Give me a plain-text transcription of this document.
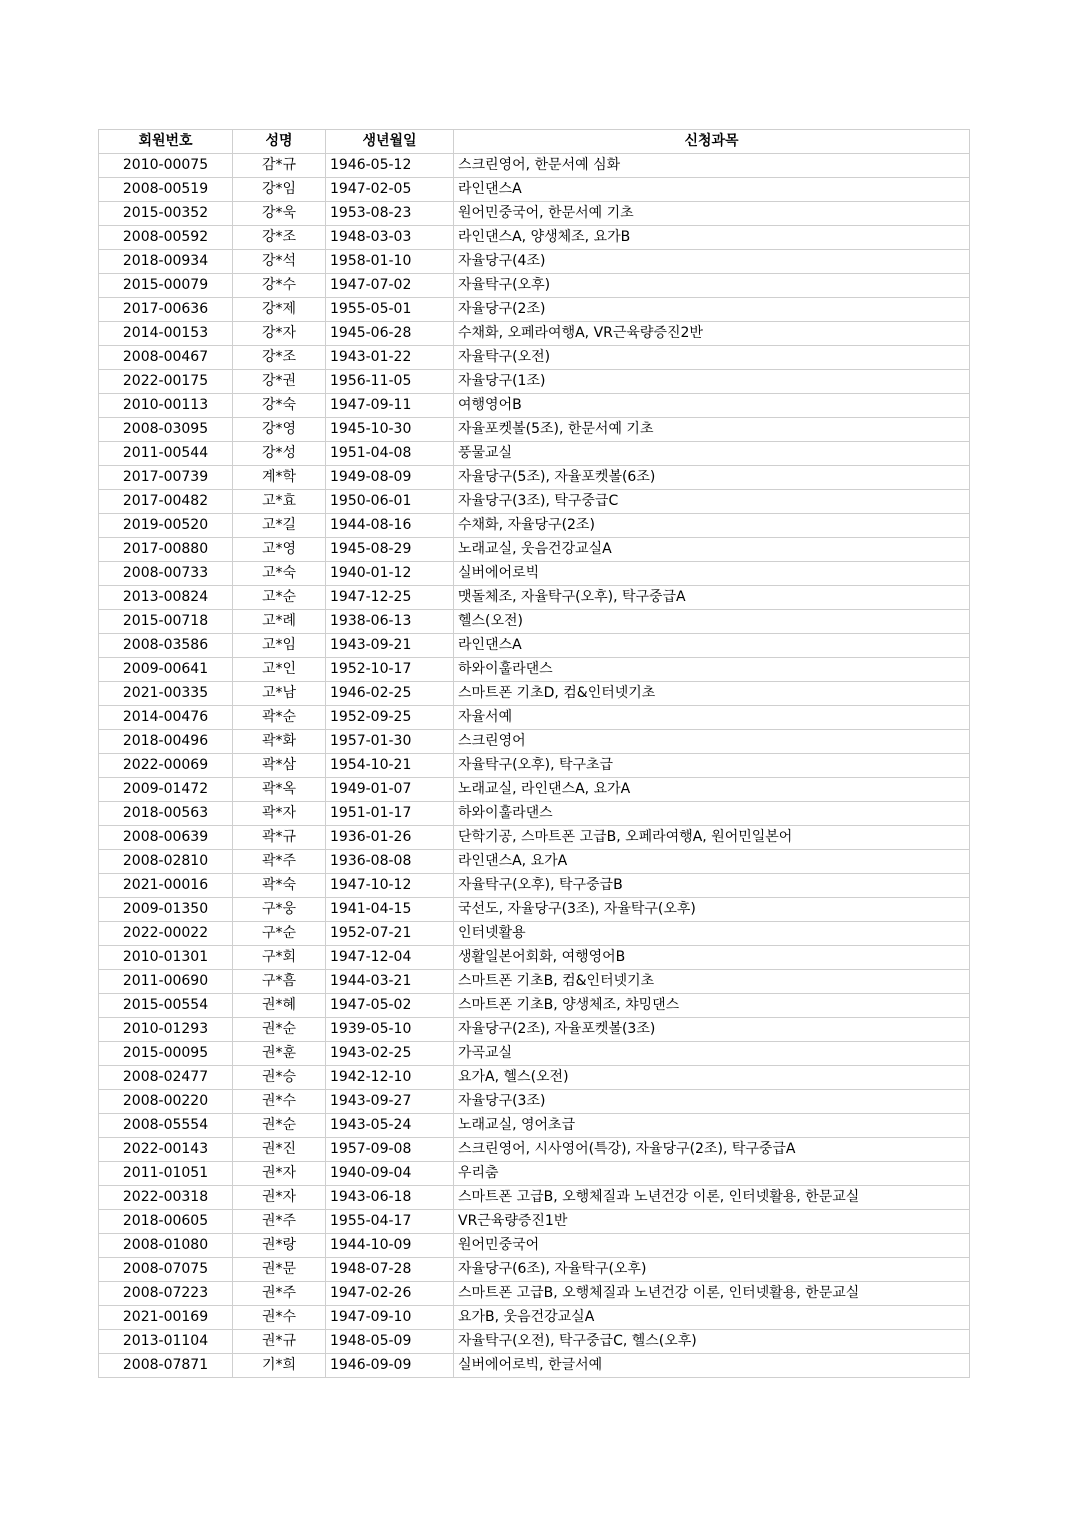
회원번호	성명	생년월일	신청과목
2010-00075	감*규	1946-05-12	스크린영어, 한문서예 심화
2008-00519	강*임	1947-02-05	라인댄스A
2015-00352	강*욱	1953-08-23	원어민중국어, 한문서예 기초
2008-00592	강*조	1948-03-03	라인댄스A, 양생체조, 요가B
2018-00934	강*석	1958-01-10	자율당구(4조)
2015-00079	강*수	1947-07-02	자율탁구(오후)
2017-00636	강*제	1955-05-01	자율당구(2조)
2014-00153	강*자	1945-06-28	수채화, 오페라여행A, VR근육량증진2반
2008-00467	강*조	1943-01-22	자율탁구(오전)
2022-00175	강*권	1956-11-05	자율당구(1조)
2010-00113	강*숙	1947-09-11	여행영어B
2008-03095	강*영	1945-10-30	자율포켓볼(5조), 한문서예 기초
2011-00544	강*성	1951-04-08	풍물교실
2017-00739	계*학	1949-08-09	자율당구(5조), 자율포켓볼(6조)
2017-00482	고*효	1950-06-01	자율당구(3조), 탁구중급C
2019-00520	고*길	1944-08-16	수채화, 자율당구(2조)
2017-00880	고*영	1945-08-29	노래교실, 웃음건강교실A
2008-00733	고*숙	1940-01-12	실버에어로빅
2013-00824	고*순	1947-12-25	맷돌체조, 자율탁구(오후), 탁구중급A
2015-00718	고*례	1938-06-13	헬스(오전)
2008-03586	고*임	1943-09-21	라인댄스A
2009-00641	고*인	1952-10-17	하와이훌라댄스
2021-00335	고*남	1946-02-25	스마트폰 기초D, 컴&인터넷기초
2014-00476	곽*순	1952-09-25	자율서예
2018-00496	곽*화	1957-01-30	스크린영어
2022-00069	곽*삼	1954-10-21	자율탁구(오후), 탁구초급
2009-01472	곽*옥	1949-01-07	노래교실, 라인댄스A, 요가A
2018-00563	곽*자	1951-01-17	하와이훌라댄스
2008-00639	곽*규	1936-01-26	단학기공, 스마트폰 고급B, 오페라여행A, 원어민일본어
2008-02810	곽*주	1936-08-08	라인댄스A, 요가A
2021-00016	곽*숙	1947-10-12	자율탁구(오후), 탁구중급B
2009-01350	구*웅	1941-04-15	국선도, 자율당구(3조), 자율탁구(오후)
2022-00022	구*순	1952-07-21	인터넷활용
2010-01301	구*회	1947-12-04	생활일본어회화, 여행영어B
2011-00690	구*흠	1944-03-21	스마트폰 기초B, 컴&인터넷기초
2015-00554	권*혜	1947-05-02	스마트폰 기초B, 양생체조, 챠밍댄스
2010-01293	권*순	1939-05-10	자율당구(2조), 자율포켓볼(3조)
2015-00095	권*훈	1943-02-25	가곡교실
2008-02477	권*승	1942-12-10	요가A, 헬스(오전)
2008-00220	권*수	1943-09-27	자율당구(3조)
2008-05554	권*순	1943-05-24	노래교실, 영어초급
2022-00143	권*진	1957-09-08	스크린영어, 시사영어(특강), 자율당구(2조), 탁구중급A
2011-01051	권*자	1940-09-04	우리춤
2022-00318	권*자	1943-06-18	스마트폰 고급B, 오행체질과 노년건강 이론, 인터넷활용, 한문교실
2018-00605	권*주	1955-04-17	VR근육량증진1반
2008-01080	권*랑	1944-10-09	원어민중국어
2008-07075	권*문	1948-07-28	자율당구(6조), 자율탁구(오후)
2008-07223	권*주	1947-02-26	스마트폰 고급B, 오행체질과 노년건강 이론, 인터넷활용, 한문교실
2021-00169	권*수	1947-09-10	요가B, 웃음건강교실A
2013-01104	권*규	1948-05-09	자율탁구(오전), 탁구중급C, 헬스(오후)
2008-07871	기*희	1946-09-09	실버에어로빅, 한글서예
